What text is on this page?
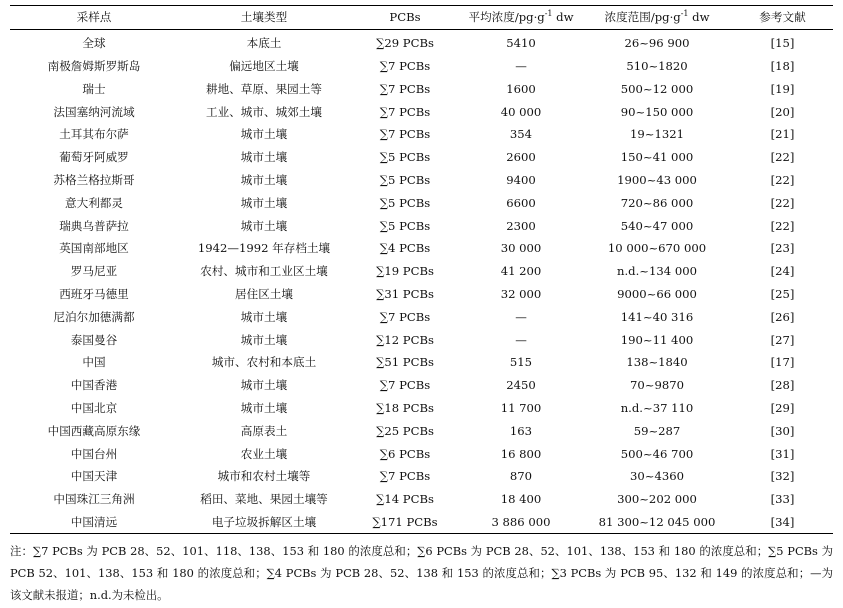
采样点	土壤类型	PCBs	平均浓度$/pg\cdot g^{-1}$ dw	浓度范围$/pg\cdot g^{-1}$ dw	参考文献
全球	本底土	∑29 PCBs	5410	26~96 900	[15]
南极詹姆斯罗斯岛	偏远地区土壤	∑7 PCBs	—	510~1820	[18]
瑞士	耕地、草原、果园土等	∑7 PCBs	1600	500~12 000	[19]
法国塞纳河流域	工业、城市、城郊土壤	∑7 PCBs	40 000	90~150 000	[20]
土耳其布尔萨	城市土壤	∑7 PCBs	354	19~1321	[21]
葡萄牙阿威罗	城市土壤	∑5 PCBs	2600	150~41 000	[22]
苏格兰格拉斯哥	城市土壤	∑5 PCBs	9400	1900~43 000	[22]
意大利都灵	城市土壤	∑5 PCBs	6600	720~86 000	[22]
瑞典乌普萨拉	城市土壤	∑5 PCBs	2300	540~47 000	[22]
英国南部地区	1942—1992 年存档土壤	∑4 PCBs	30 000	10 000~670 000	[23]
罗马尼亚	农村、城市和工业区土壤	∑19 PCBs	41 200	n.d.~134 000	[24]
西班牙马德里	居住区土壤	∑31 PCBs	32 000	9000~66 000	[25]
尼泊尔加德满都	城市土壤	∑7 PCBs	—	141~40 316	[26]
泰国曼谷	城市土壤	∑12 PCBs	—	190~11 400	[27]
中国	城市、农村和本底土	∑51 PCBs	515	138~1840	[17]
中国香港	城市土壤	∑7 PCBs	2450	70~9870	[28]
中国北京	城市土壤	∑18 PCBs	11 700	n.d.~37 110	[29]
中国西藏高原东缘	高原表土	∑25 PCBs	163	59~287	[30]
中国台州	农业土壤	∑6 PCBs	16 800	500~46 700	[31]
中国天津	城市和农村土壤等	∑7 PCBs	870	30~4360	[32]
中国珠江三角洲	稻田、菜地、果园土壤等	∑14 PCBs	18 400	300~202 000	[33]
中国清远	电子垃圾拆解区土壤	∑171 PCBs	3 886 000	81 300~12 045 000	[34]
注：∑7 PCBs 为 PCB 28、52、101、118、138、153 和 180 的浓度总和；∑6 PCBs 为 PCB 28、52、101、138、153 和 180 的浓度总和；∑5 PCBs 为 PCB 52、101、138、153 和 180 的浓度总和；∑4 PCBs 为 PCB 28、52、138 和 153 的浓度总和；∑3 PCBs 为 PCB 95、132 和 149 的浓度总和；—为该文献未报道；n.d.为未检出。
